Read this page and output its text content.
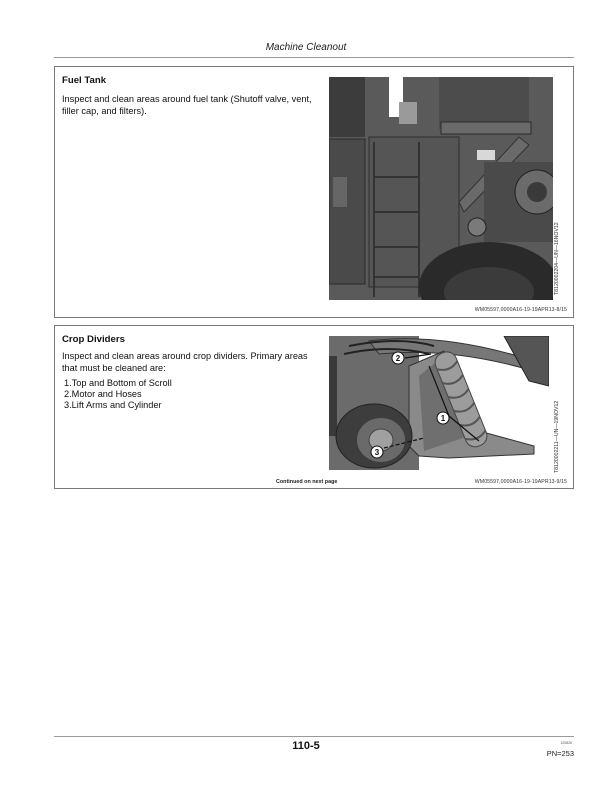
Machine Cleanout
Fuel Tank
Inspect and clean areas around fuel tank (Shutoff valve, vent, filler cap, and filters).
T8120002204—UN—16NOV12
WM05597,0000A16-19-19APR13-8/15
Crop Dividers
Inspect and clean areas around crop dividers. Primary areas that must be cleaned are:
1.Top and Bottom of Scroll
2.Motor and Hoses
3.Lift Arms and Cylinder
2
1
3	T8120002211—UN—19NOV12
Continued on next page	WM05597,0000A16-19-19APR13-9/15
110-5	120826
PN=253
